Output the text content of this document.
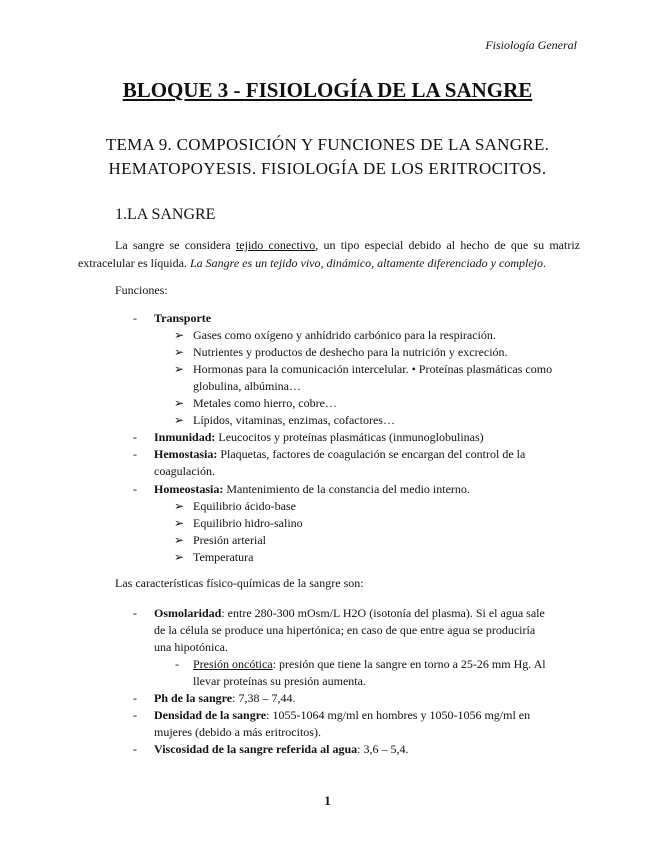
Fisiología General
BLOQUE 3 - FISIOLOGÍA DE LA SANGRE
TEMA 9. COMPOSICIÓN Y FUNCIONES DE LA SANGRE.
HEMATOPOYESIS. FISIOLOGÍA DE LOS ERITROCITOS.
1.LA SANGRE
La sangre se considera tejido conectivo, un tipo especial debido al hecho de que su matriz extracelular es líquida. La Sangre es un tejido vivo, dinámico, altamente diferenciado y complejo.
Funciones:
- Transporte
➢ Gases como oxígeno y anhídrido carbónico para la respiración.
➢ Nutrientes y productos de deshecho para la nutrición y excreción.
➢ Hormonas para la comunicación intercelular. • Proteínas plasmáticas como
globulina, albúmina…
➢ Metales como hierro, cobre…
➢ Lípidos, vitaminas, enzimas, cofactores…
- Inmunidad: Leucocitos y proteínas plasmáticas (inmunoglobulinas)
- Hemostasia: Plaquetas, factores de coagulación se encargan del control de la
coagulación.
- Homeostasia: Mantenimiento de la constancia del medio interno.
➢ Equilibrio ácido-base
➢ Equilibrio hidro-salino
➢ Presión arterial
➢ Temperatura
Las características físico-químicas de la sangre son:
- Osmolaridad: entre 280-300 mOsm/L H2O (isotonía del plasma). Si el agua sale
de la célula se produce una hipertónica; en caso de que entre agua se produciría
una hipotónica.
- Presión oncótica: presión que tiene la sangre en torno a 25-26 mm Hg. Al
llevar proteínas su presión aumenta.
- Ph de la sangre: 7,38 – 7,44.
- Densidad de la sangre: 1055-1064 mg/ml en hombres y 1050-1056 mg/ml en
mujeres (debido a más eritrocitos).
- Viscosidad de la sangre referida al agua: 3,6 – 5,4.
1
